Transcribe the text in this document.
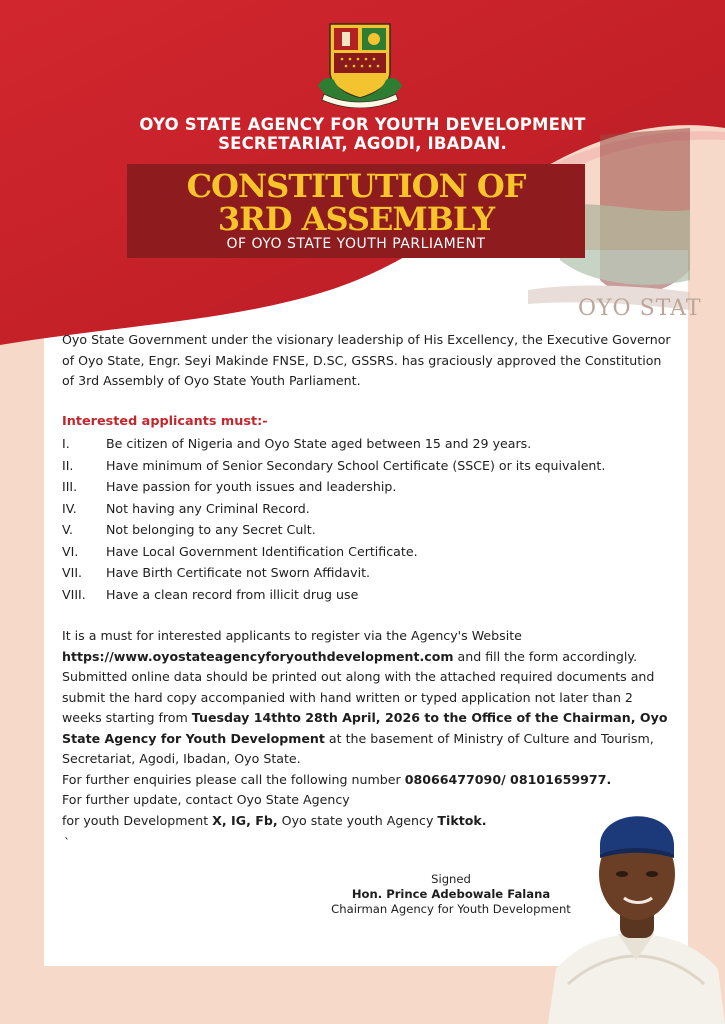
OYO STATE AGENCY FOR YOUTH DEVELOPMENT
SECRETARIAT, AGODI, IBADAN.
CONSTITUTION OF
3RD ASSEMBLY
OF OYO STATE YOUTH PARLIAMENT
OYO STAT
Oyo State Government under the visionary leadership of His Excellency, the Executive Governor of Oyo State, Engr. Seyi Makinde FNSE, D.SC, GSSRS. has graciously approved the Constitution of 3rd Assembly of Oyo State Youth Parliament.
Interested applicants must:-
I.	Be citizen of Nigeria and Oyo State aged between 15 and 29 years.
II.	Have minimum of Senior Secondary School Certificate (SSCE) or its equivalent.
III. Have passion for youth issues and leadership.
IV. Not having any Criminal Record.
V.	Not belonging to any Secret Cult.
VI. Have Local Government Identification Certificate.
VII. Have Birth Certificate not Sworn Affidavit.
VIII. Have a clean record from illicit drug use
It is a must for interested applicants to register via the Agency's Website https://www.oyostateagencyforyouthdevelopment.com and fill the form accordingly. Submitted online data should be printed out along with the attached required documents and submit the hard copy accompanied with hand written or typed application not later than 2 weeks starting from Tuesday 14thto 28th April, 2026 to the Office of the Chairman, Oyo State Agency for Youth Development at the basement of Ministry of Culture and Tourism, Secretariat, Agodi, Ibadan, Oyo State.
For further enquiries please call the following number 08066477090/ 08101659977.
For further update, contact Oyo State Agency
for youth Development X, IG, Fb, Oyo state youth Agency Tiktok.
`
Signed
Hon. Prince Adebowale Falana
Chairman Agency for Youth Development
